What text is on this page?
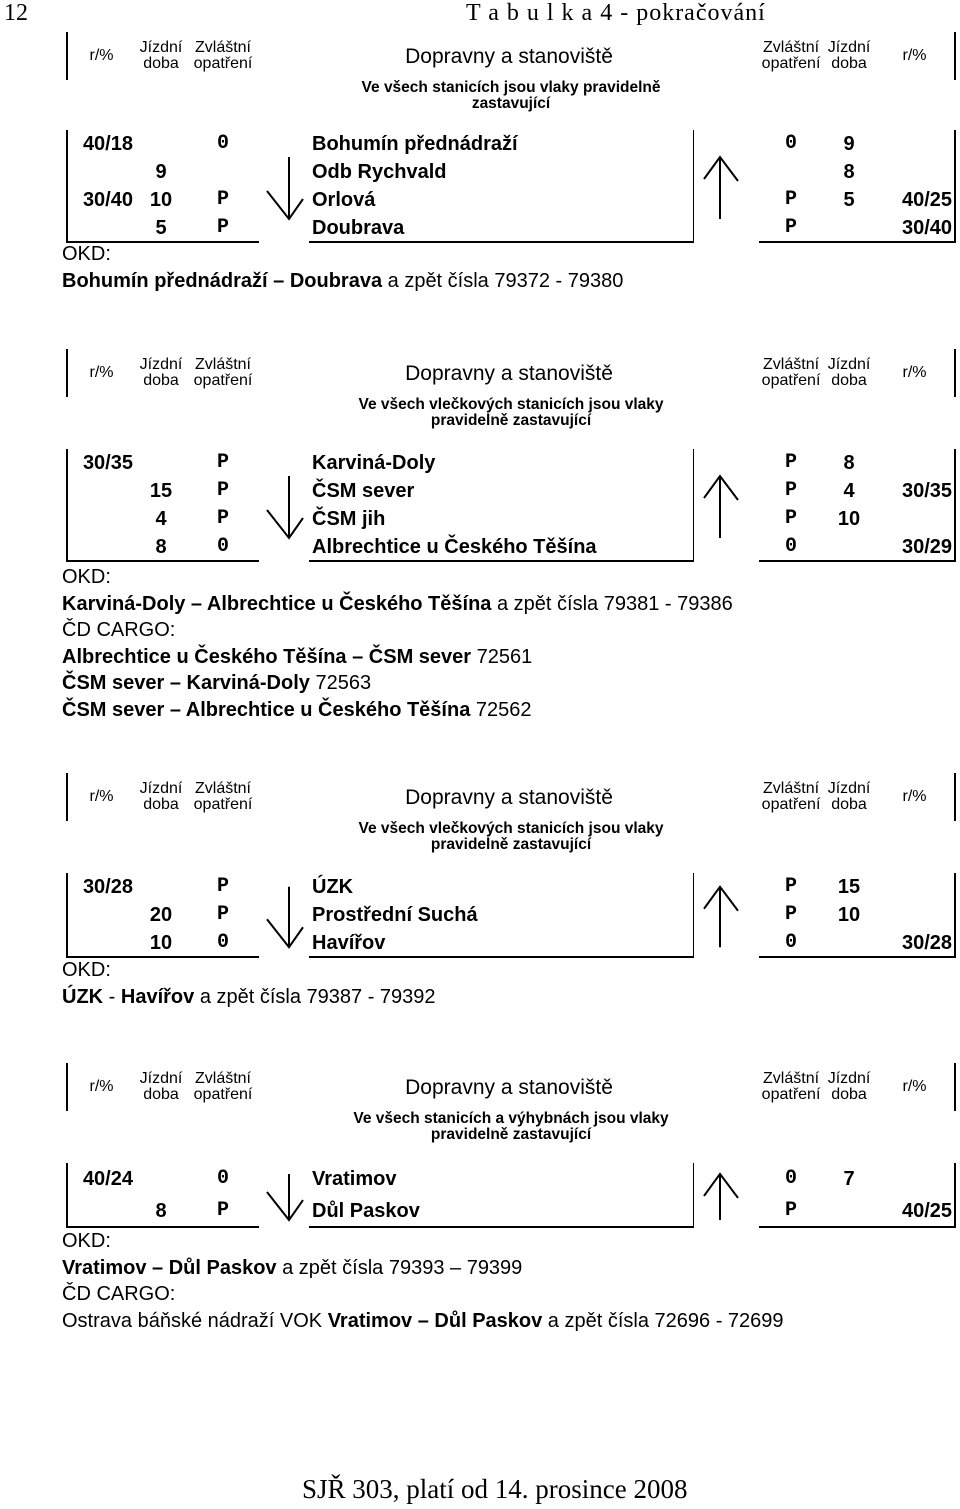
12	T a b u l k a 4 - pokračování
r/%	Jízdní
doba	Zvláštní
opatření	Dopravny a stanoviště			Zvláštní
opatření	Jízdní
doba	r/%
Ve všech stanicích jsou vlaky pravidelně
zastavující								
40/18		0		Bohumín přednádraží		0	9	
	9			Odb Rychvald			8	
30/40	10	P		Orlová		P	5	40/25
	5	P		Doubrava		P		30/40
OKD:
Bohumín přednádraží – Doubrava a zpět čísla 79372 - 79380
r/%	Jízdní
doba	Zvláštní
opatření	Dopravny a stanoviště			Zvláštní
opatření	Jízdní
doba	r/%
Ve všech vlečkových stanicích jsou vlaky
pravidelně zastavující								
30/35		P		Karviná-Doly		P	8	
	15	P		ČSM sever		P	4	30/35
	4	P		ČSM jih		P	10	
	8	0		Albrechtice u Českého Těšína		0		30/29
OKD:
Karviná-Doly – Albrechtice u Českého Těšína a zpět čísla 79381 - 79386
ČD CARGO:
Albrechtice u Českého Těšína – ČSM sever 72561
ČSM sever – Karviná-Doly 72563
ČSM sever – Albrechtice u Českého Těšína 72562
r/%	Jízdní
doba	Zvláštní
opatření	Dopravny a stanoviště			Zvláštní
opatření	Jízdní
doba	r/%
Ve všech vlečkových stanicích jsou vlaky
pravidelně zastavující								
30/28		P		ÚZK		P	15	
	20	P		Prostřední Suchá		P	10	
	10	0		Havířov		0		30/28
OKD:
ÚZK - Havířov a zpět čísla 79387 - 79392
r/%	Jízdní
doba	Zvláštní
opatření	Dopravny a stanoviště			Zvláštní
opatření	Jízdní
doba	r/%
Ve všech stanicích a výhybnách jsou vlaky
pravidelně zastavující								
40/24		0		Vratimov		0	7	
	8	P		Důl Paskov		P		40/25
OKD:
Vratimov – Důl Paskov a zpět čísla 79393 – 79399
ČD CARGO:
Ostrava báňské nádraží VOK Vratimov – Důl Paskov a zpět čísla 72696 - 72699
SJŘ 303, platí od 14. prosince 2008
